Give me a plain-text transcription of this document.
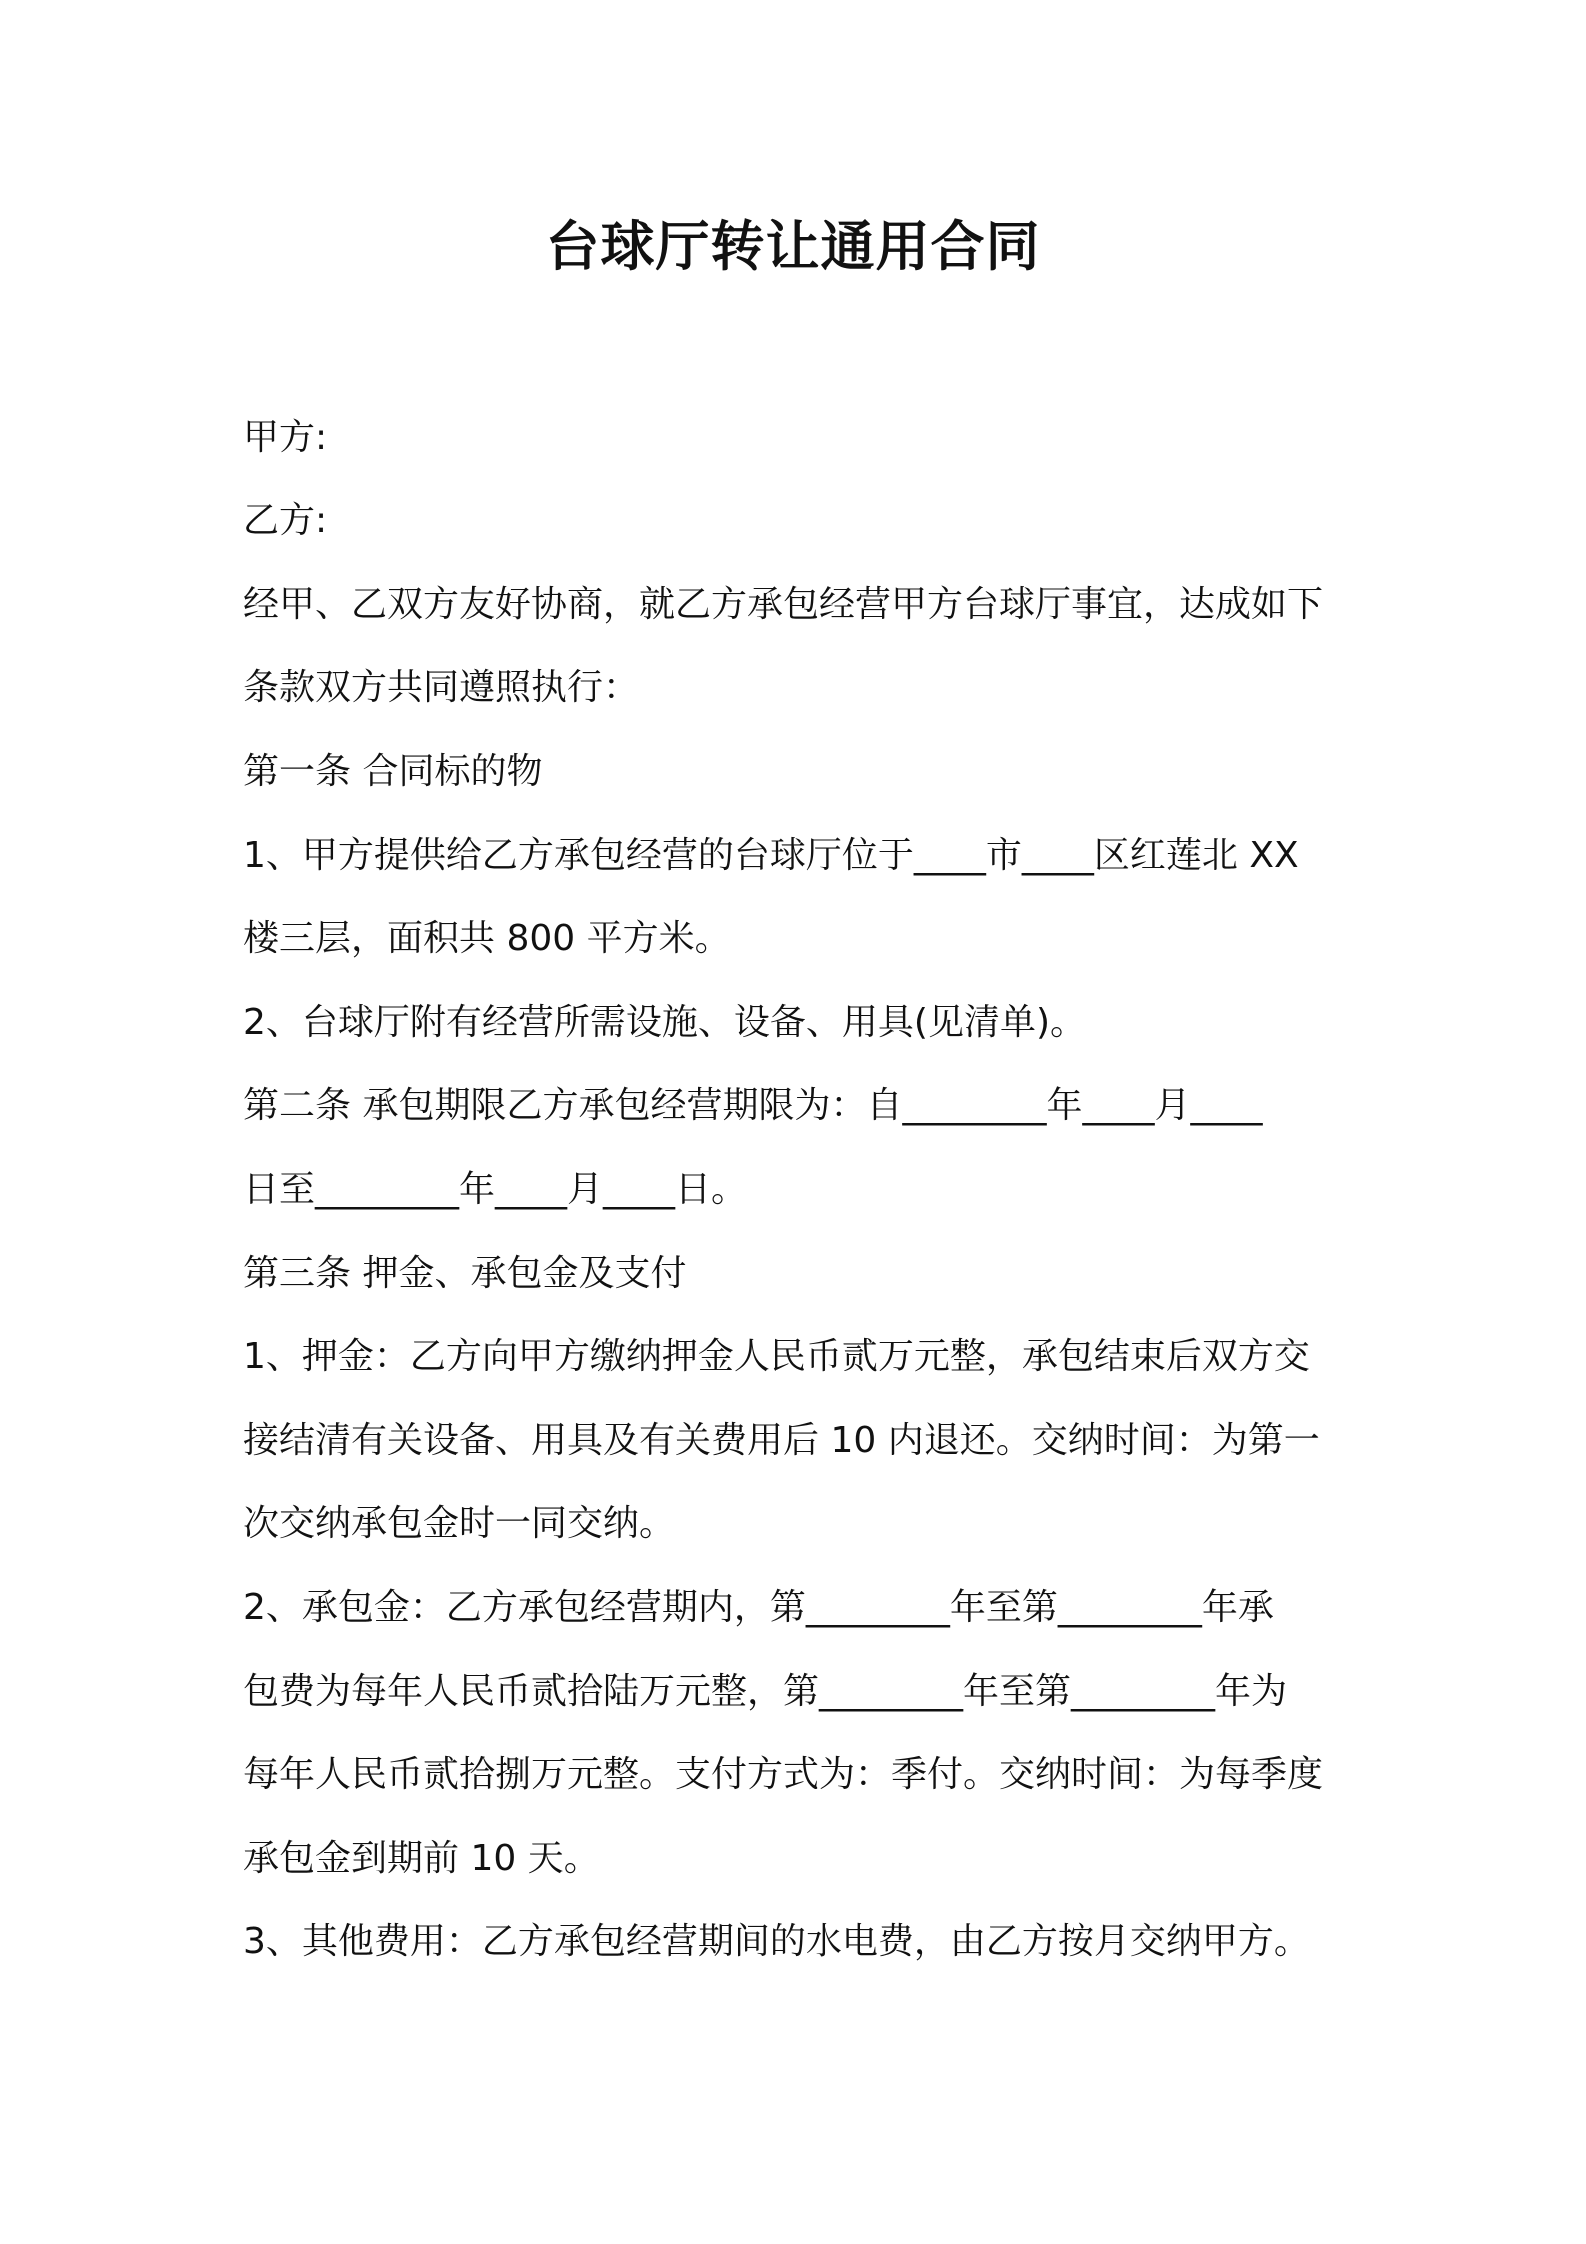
台球厅转让通用合同

甲方:

乙方:

经甲、乙双方友好协商，就乙方承包经营甲方台球厅事宜，达成如下

条款双方共同遵照执行：

第一条 合同标的物

1、甲方提供给乙方承包经营的台球厅位于____市____区红莲北 XX

楼三层，面积共 800 平方米。

2、台球厅附有经营所需设施、设备、用具(见清单)。

第二条 承包期限乙方承包经营期限为：自________年____月____

日至________年____月____日。

第三条 押金、承包金及支付

1、押金：乙方向甲方缴纳押金人民币贰万元整，承包结束后双方交

接结清有关设备、用具及有关费用后 10 内退还。交纳时间：为第一

次交纳承包金时一同交纳。

2、承包金：乙方承包经营期内，第________年至第________年承

包费为每年人民币贰拾陆万元整，第________年至第________年为

每年人民币贰拾捌万元整。支付方式为：季付。交纳时间：为每季度

承包金到期前 10 天。

3、其他费用：乙方承包经营期间的水电费，由乙方按月交纳甲方。
